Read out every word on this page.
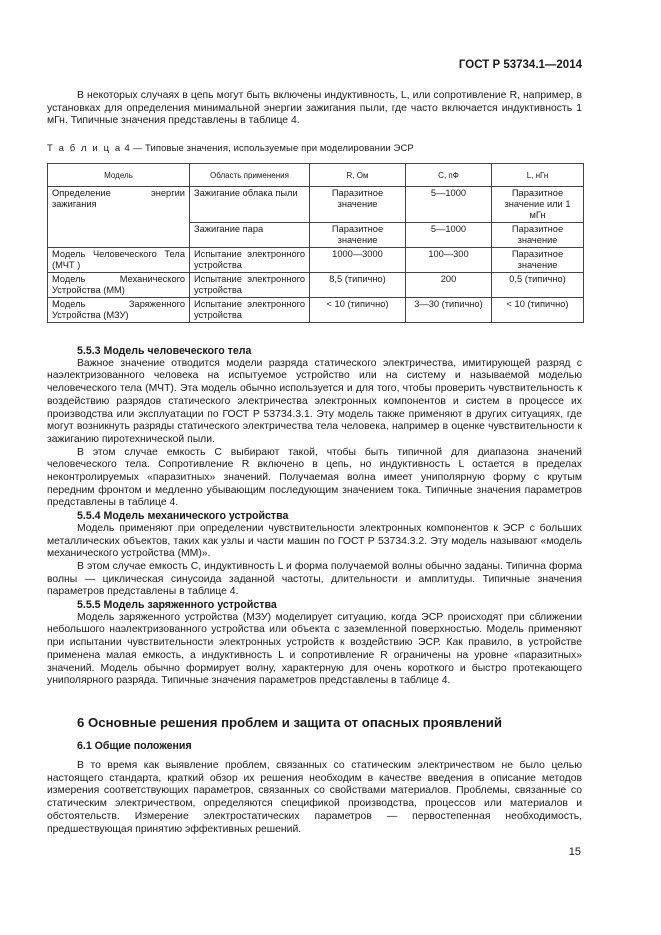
ГОСТ Р 53734.1—2014

В некоторых случаях в цепь могут быть включены индуктивность, L, или сопротивление R, например, в установках для определения минимальной энергии зажигания пыли, где часто включается индуктивность 1 мГн. Типичные значения представлены в таблице 4.

Т а б л и ц а 4 — Типовые значения, используемые при моделировании ЭСР
Модель	Область применения	R, Ом	C, пФ	L, нГн
Определение энергии зажигания	Зажигание облака пыли	Паразитное значение	5—1000	Паразитное значение или 1 мГн
	Зажигание пара	Паразитное значение	5—1000	Паразитное значение
Модель Человеческого Тела (МЧТ )	Испытание электронного устройства	1000—3000	100—300	Паразитное значение
Модель Механического Устройства (ММ)	Испытание электронного устройства	8,5 (типично)	200	0,5 (типично)
Модель Заряженного Устройства (МЗУ)	Испытание электронного устройства	< 10 (типично)	3—30 (типично)	< 10 (типично)
5.5.3 Модель человеческого тела

Важное значение отводится модели разряда статического электричества, имитирующей разряд с наэлектризованного человека на испытуемое устройство или на систему и называемой моделью человеческого тела (МЧТ). Эта модель обычно используется и для того, чтобы проверить чувствительность к воздействию разрядов статического электричества электронных компонентов и систем в процессе их производства или эксплуатации по ГОСТ Р 53734.3.1. Эту модель также применяют в других ситуациях, где могут возникнуть разряды статического электричества тела человека, например в оценке чувствительности к зажиганию пиротехнической пыли.

В этом случае емкость C выбирают такой, чтобы быть типичной для диапазона значений человеческого тела. Сопротивление R включено в цепь, но индуктивность L остается в пределах неконтролируемых «паразитных» значений. Получаемая волна имеет униполярную форму с крутым передним фронтом и медленно убывающим последующим значением тока. Типичные значения параметров представлены в таблице 4.

5.5.4 Модель механического устройства

Модель применяют при определении чувствительности электронных компонентов к ЭСР с больших металлических объектов, таких как узлы и части машин по ГОСТ Р 53734.3.2. Эту модель называют «модель механического устройства (ММ)».

В этом случае емкость C, индуктивность L и форма получаемой волны обычно заданы. Типична форма волны — циклическая синусоида заданной частоты, длительности и амплитуды. Типичные значения параметров представлены в таблице 4.

5.5.5 Модель заряженного устройства

Модель заряженного устройства (МЗУ) моделирует ситуацию, когда ЭСР происходят при сближении небольшого наэлектризованного устройства или объекта с заземленной поверхностью. Модель применяют при испытании чувствительности электронных устройств к воздействию ЭСР. Как правило, в устройстве применена малая емкость, а индуктивность L и сопротивление R ограничены на уровне «паразитных» значений. Модель обычно формирует волну, характерную для очень короткого и быстро протекающего униполярного разряда. Типичные значения параметров представлены в таблице 4.

6 Основные решения проблем и защита от опасных проявлений
6.1 Общие положения

В то время как выявление проблем, связанных со статическим электричеством не было целью настоящего стандарта, краткий обзор их решения необходим в качестве введения в описание методов измерения соответствующих параметров, связанных со свойствами материалов. Проблемы, связанные со статическим электричеством, определяются спецификой производства, процессов или материалов и обстоятельств. Измерение электростатических параметров — первостепенная необходимость, предшествующая принятию эффективных решений.

15
